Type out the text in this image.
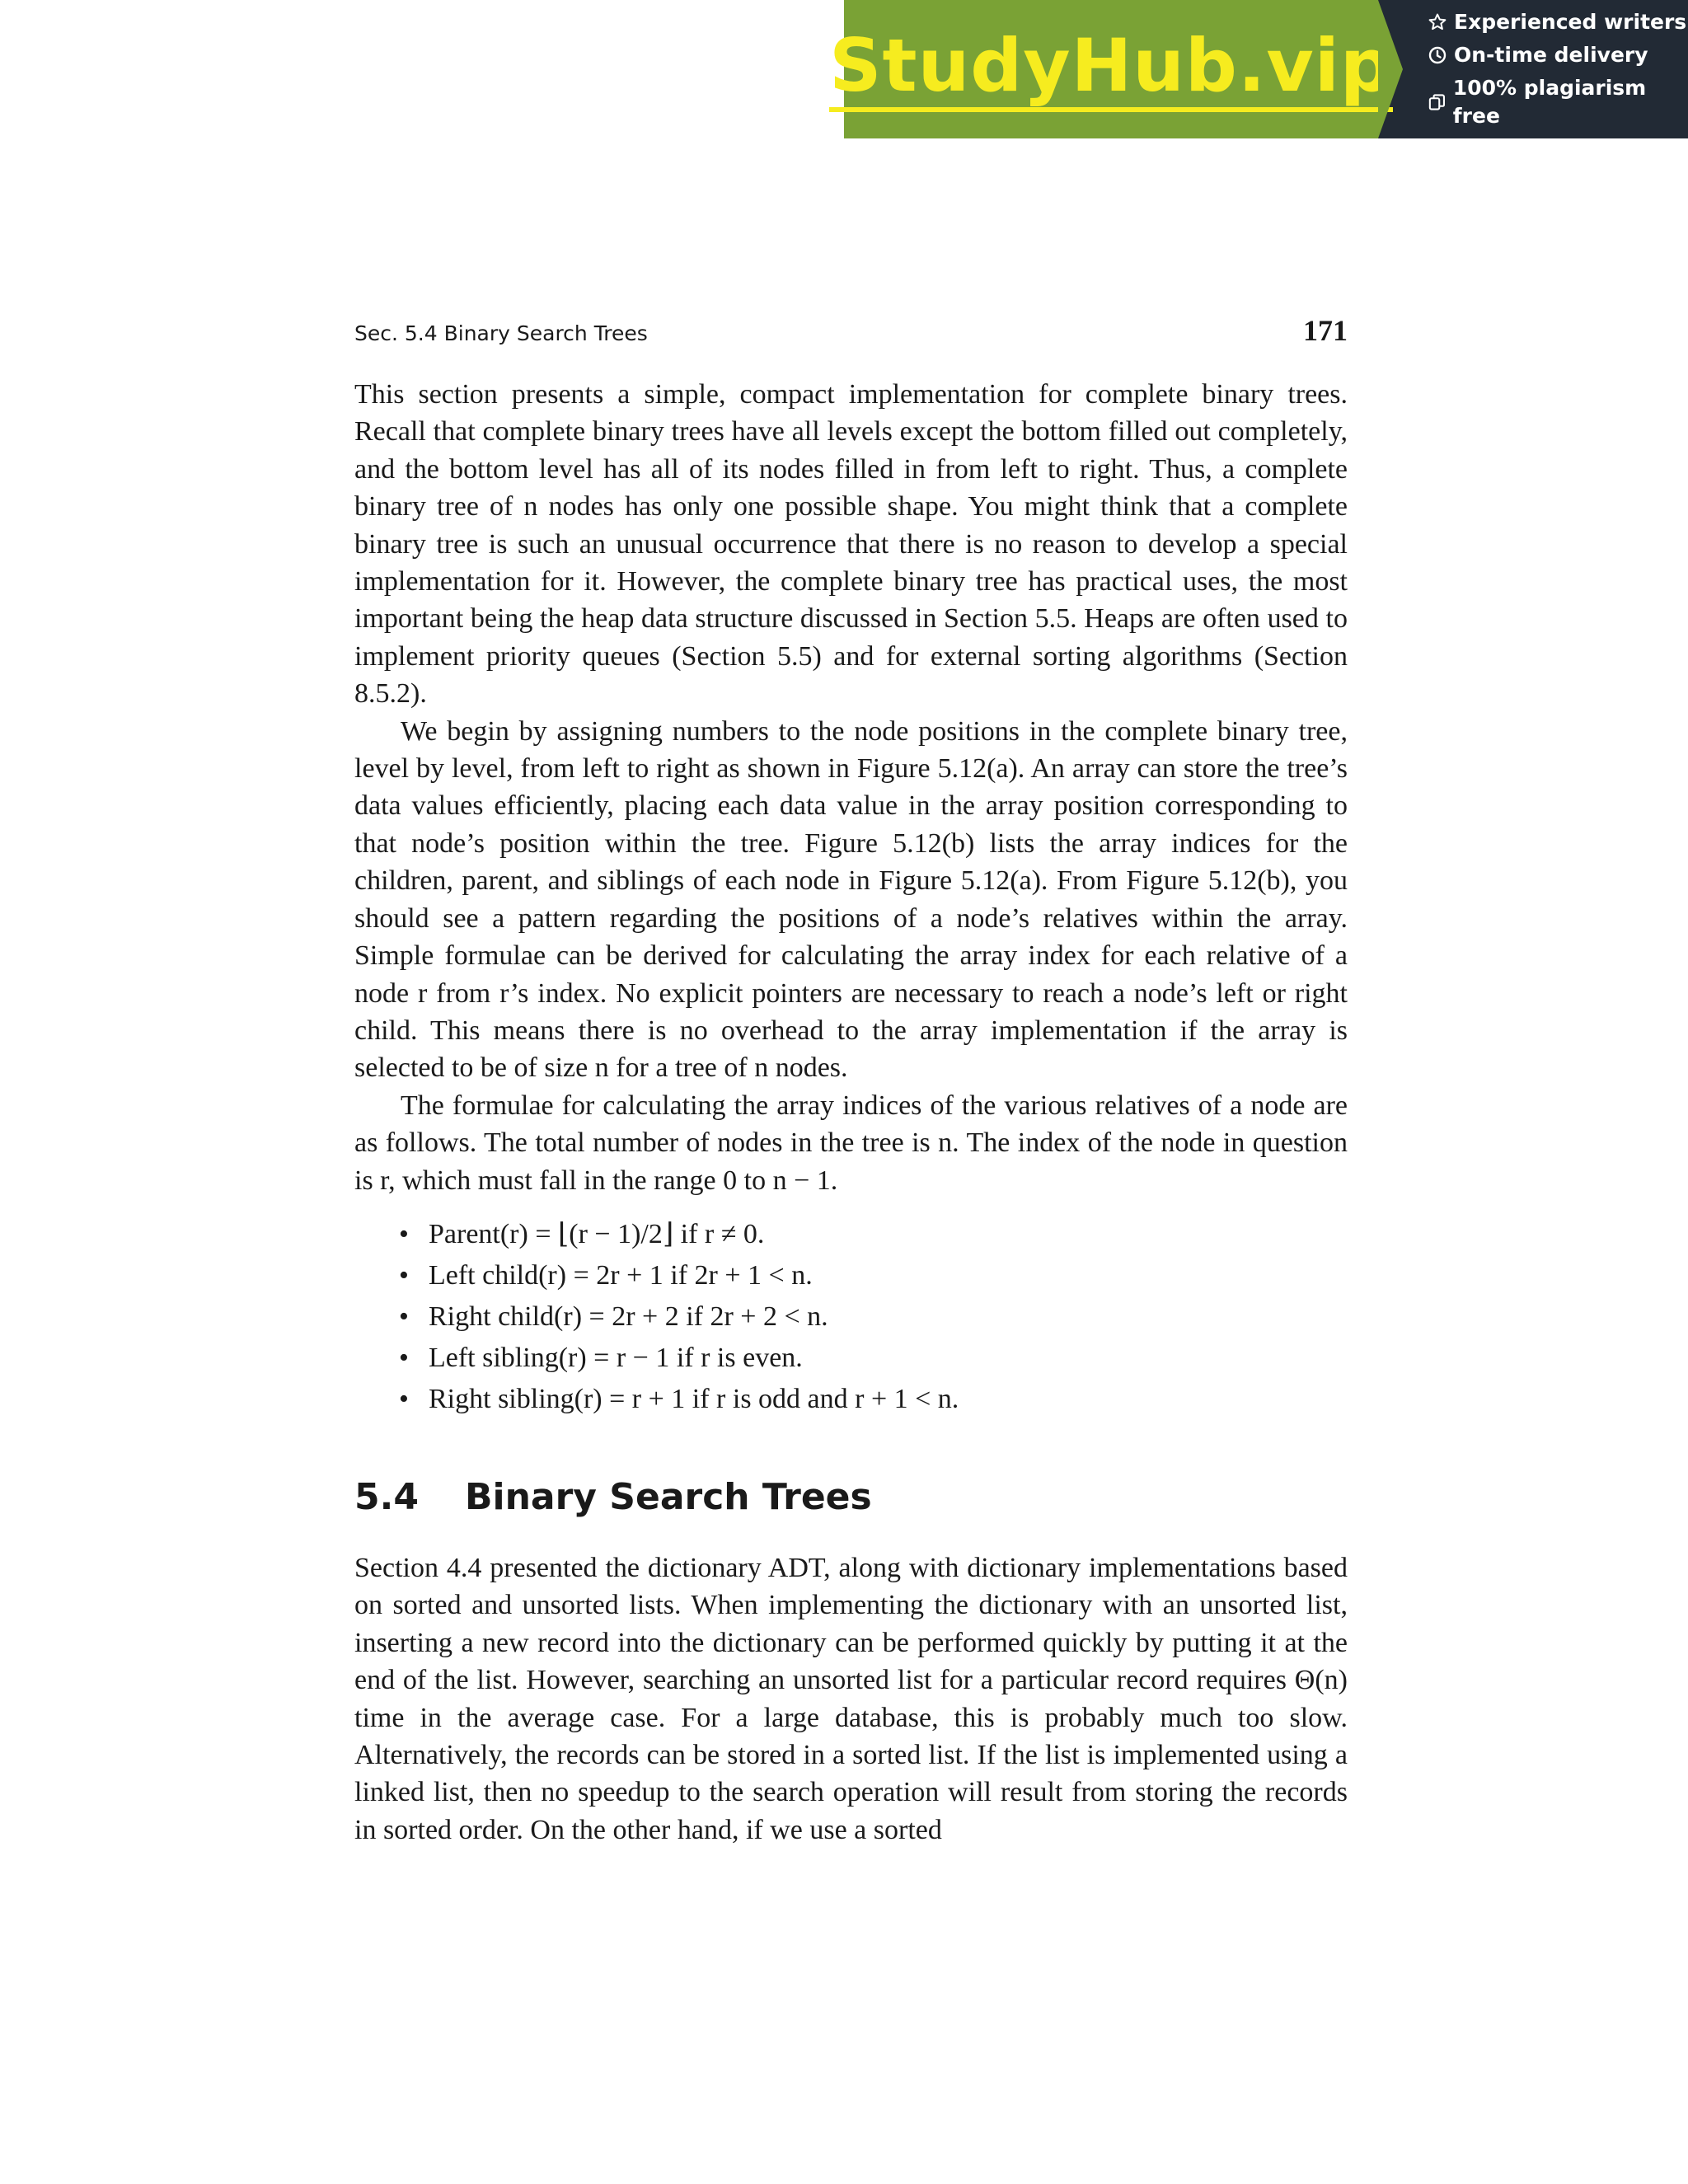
StudyHub.vip
Experienced writers
On-time delivery
100% plagiarism free
Sec. 5.4 Binary Search Trees	171

This section presents a simple, compact implementation for complete binary trees. Recall that complete binary trees have all levels except the bottom filled out completely, and the bottom level has all of its nodes filled in from left to right. Thus, a complete binary tree of n nodes has only one possible shape. You might think that a complete binary tree is such an unusual occurrence that there is no reason to develop a special implementation for it. However, the complete binary tree has practical uses, the most important being the heap data structure discussed in Section 5.5. Heaps are often used to implement priority queues (Section 5.5) and for external sorting algorithms (Section 8.5.2).

We begin by assigning numbers to the node positions in the complete binary tree, level by level, from left to right as shown in Figure 5.12(a). An array can store the tree’s data values efficiently, placing each data value in the array position corresponding to that node’s position within the tree. Figure 5.12(b) lists the array indices for the children, parent, and siblings of each node in Figure 5.12(a). From Figure 5.12(b), you should see a pattern regarding the positions of a node’s relatives within the array. Simple formulae can be derived for calculating the array index for each relative of a node r from r’s index. No explicit pointers are necessary to reach a node’s left or right child. This means there is no overhead to the array implementation if the array is selected to be of size n for a tree of n nodes.

The formulae for calculating the array indices of the various relatives of a node are as follows. The total number of nodes in the tree is n. The index of the node in question is r, which must fall in the range 0 to n − 1.

• Parent(r) = ⌊(r − 1)/2⌋ if r ≠ 0.
• Left child(r) = 2r + 1 if 2r + 1 < n.
• Right child(r) = 2r + 2 if 2r + 2 < n.
• Left sibling(r) = r − 1 if r is even.
• Right sibling(r) = r + 1 if r is odd and r + 1 < n.
5.4 Binary Search Trees

Section 4.4 presented the dictionary ADT, along with dictionary implementations based on sorted and unsorted lists. When implementing the dictionary with an unsorted list, inserting a new record into the dictionary can be performed quickly by putting it at the end of the list. However, searching an unsorted list for a particular record requires Θ(n) time in the average case. For a large database, this is probably much too slow. Alternatively, the records can be stored in a sorted list. If the list is implemented using a linked list, then no speedup to the search operation will result from storing the records in sorted order. On the other hand, if we use a sorted
